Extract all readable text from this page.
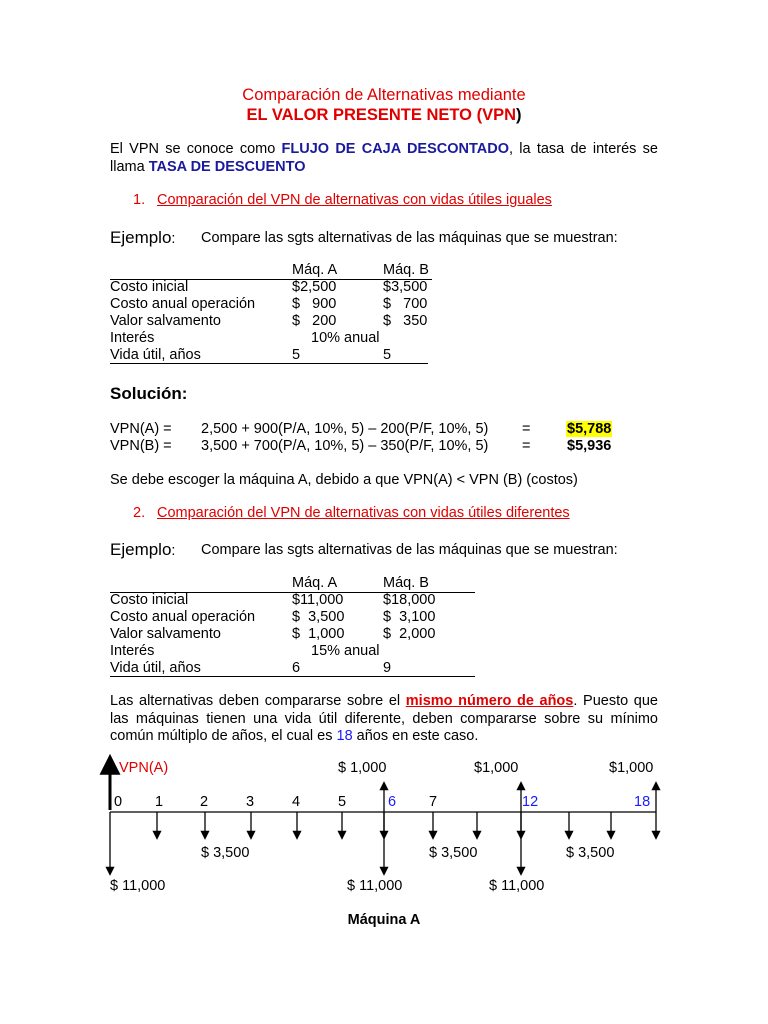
Comparación de Alternativas mediante
EL VALOR PRESENTE NETO (VPN)
El VPN se conoce como FLUJO DE CAJA DESCONTADO, la tasa de interés se llama TASA DE DESCUENTO
1. Comparación del VPN de alternativas con vidas útiles iguales
Ejemplo: Compare las sgts alternativas de las máquinas que se muestran:
Máq. A	Máq. B
Costo inicial	$2,500	$3,500
Costo anual operación	$   900	$   700
Valor salvamento	$   200	$   350
Interés	10% anual
Vida útil, años	5	5
Solución:
VPN(A) = 2,500 + 900(P/A, 10%, 5) – 200(P/F, 10%, 5) =	$5,788
VPN(B) = 3,500 + 700(P/A, 10%, 5) – 350(P/F, 10%, 5) =	$5,936
Se debe escoger la máquina A, debido a que VPN(A) < VPN (B) (costos)
2. Comparación del VPN de alternativas con vidas útiles diferentes
Ejemplo: Compare las sgts alternativas de las máquinas que se muestran:
Máq. A	Máq. B
Costo inicial	$11,000	$18,000
Costo anual operación	$  3,500	$  3,100
Valor salvamento	$  1,000	$  2,000
Interés	15% anual
Vida útil, años	6	9
Las alternativas deben compararse sobre el mismo número de años. Puesto que las máquinas tienen una vida útil diferente, deben compararse sobre su mínimo común múltiplo de años, el cual es 18 años en este caso.
VPN(A)	$ 1,000	$1,000	$1,000
0 1	2	3	4	5	6 7	12	18
$ 3,500	$ 3,500	$ 3,500
$ 11,000	$ 11,000	$ 11,000
Máquina A
